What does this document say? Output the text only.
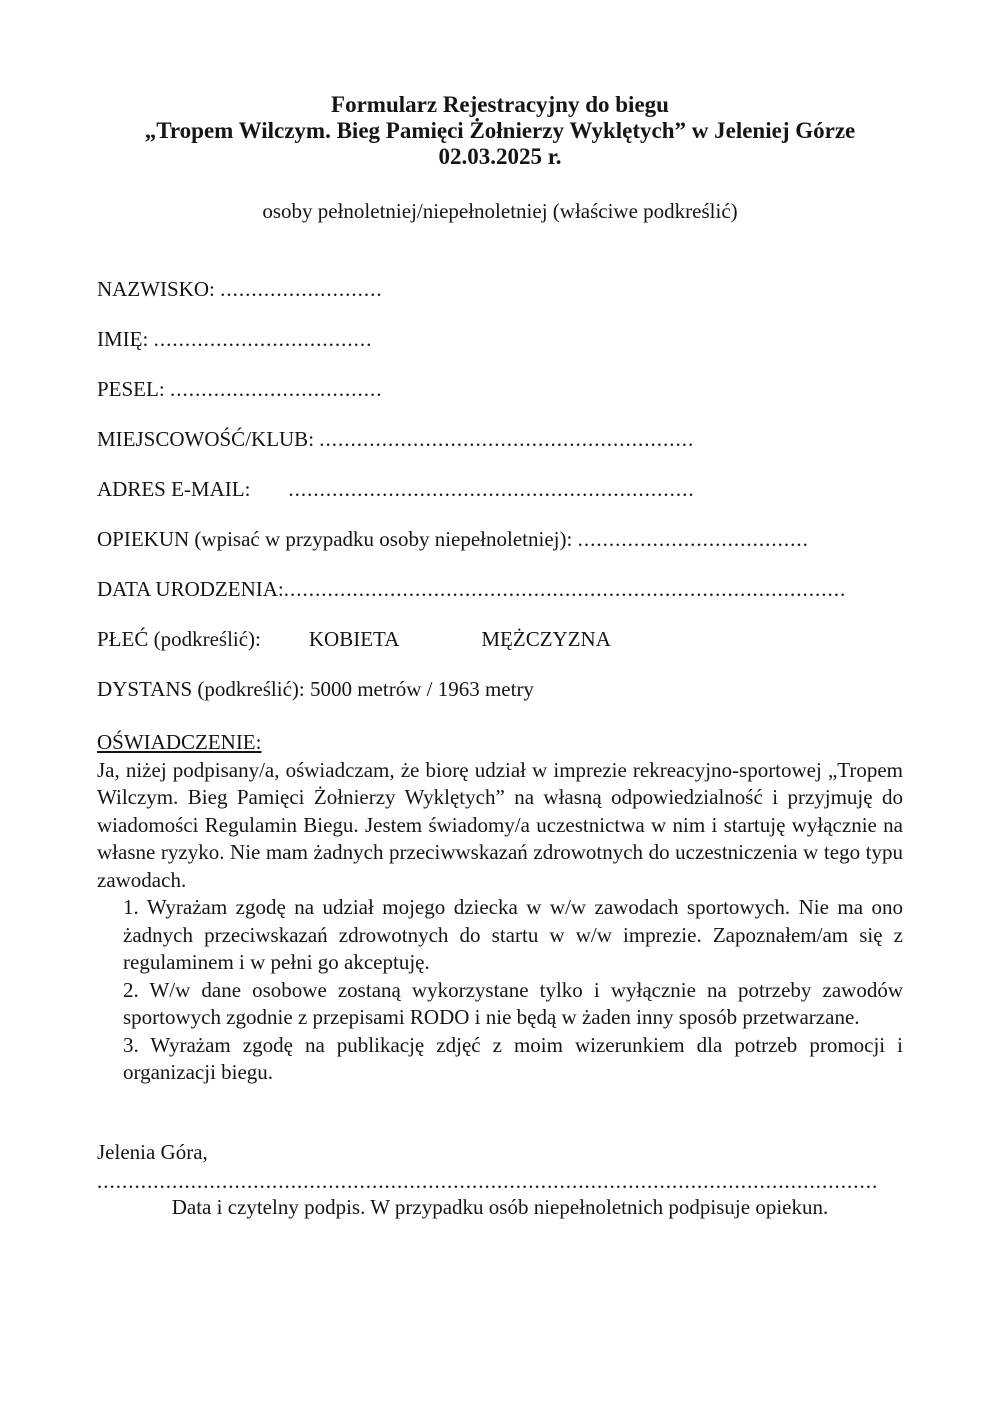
Formularz Rejestracyjny do biegu
„Tropem Wilczym. Bieg Pamięci Żołnierzy Wyklętych” w Jeleniej Górze
02.03.2025 r.
osoby pełnoletniej/niepełnoletniej (właściwe podkreślić)

NAZWISKO: ..........................

IMIĘ: ...................................

PESEL: ..................................

MIEJSCOWOŚĆ/KLUB: ............................................................

ADRES E-MAIL: .................................................................

OPIEKUN (wpisać w przypadku osoby niepełnoletniej): .....................................

DATA URODZENIA:..........................................................................................

PŁEĆ (podkreślić): KOBIETA	MĘŻCZYZNA

DYSTANS (podkreślić): 5000 metrów / 1963 metry

OŚWIADCZENIE:

Ja, niżej podpisany/a, oświadczam, że biorę udział w imprezie rekreacyjno-sportowej „Tropem Wilczym. Bieg Pamięci Żołnierzy Wyklętych” na własną odpowiedzialność i przyjmuję do wiadomości Regulamin Biegu. Jestem świadomy/a uczestnictwa w nim i startuję wyłącznie na własne ryzyko. Nie mam żadnych przeciwwskazań zdrowotnych do uczestniczenia w tego typu zawodach.

1. Wyrażam zgodę na udział mojego dziecka w w/w zawodach sportowych. Nie ma ono żadnych przeciwskazań zdrowotnych do startu w w/w imprezie. Zapoznałem/am się z regulaminem i w pełni go akceptuję.

2. W/w dane osobowe zostaną wykorzystane tylko i wyłącznie na potrzeby zawodów sportowych zgodnie z przepisami RODO i nie będą w żaden inny sposób przetwarzane.

3. Wyrażam zgodę na publikację zdjęć z moim wizerunkiem dla potrzeb promocji i organizacji biegu.

Jelenia Góra,
.............................................................................................................................
Data i czytelny podpis. W przypadku osób niepełnoletnich podpisuje opiekun.
